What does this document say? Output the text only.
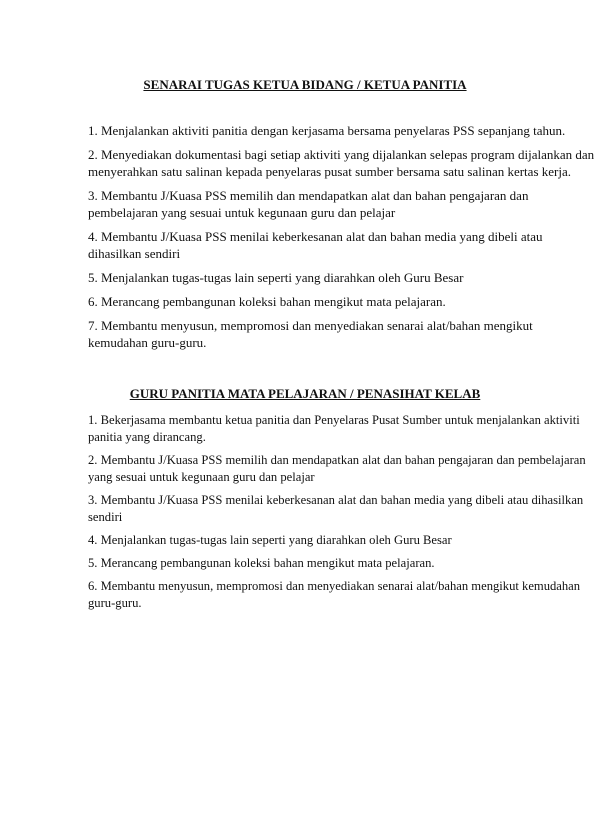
SENARAI TUGAS KETUA BIDANG / KETUA PANITIA
1. Menjalankan aktiviti panitia dengan kerjasama bersama penyelaras PSS sepanjang tahun.
2. Menyediakan dokumentasi bagi setiap aktiviti yang dijalankan selepas program dijalankan dan
menyerahkan satu salinan kepada penyelaras pusat sumber bersama satu salinan kertas kerja.
3. Membantu J/Kuasa PSS memilih dan mendapatkan alat dan bahan pengajaran dan
pembelajaran yang sesuai untuk kegunaan guru dan pelajar
4. Membantu J/Kuasa PSS menilai keberkesanan alat dan bahan media yang dibeli atau
dihasilkan sendiri
5. Menjalankan tugas-tugas lain seperti yang diarahkan oleh Guru Besar
6. Merancang pembangunan koleksi bahan mengikut mata pelajaran.
7. Membantu menyusun, mempromosi dan menyediakan senarai alat/bahan mengikut
kemudahan guru-guru.
GURU PANITIA MATA PELAJARAN / PENASIHAT KELAB
1. Bekerjasama membantu ketua panitia dan Penyelaras Pusat Sumber untuk menjalankan aktiviti
panitia yang dirancang.
2. Membantu J/Kuasa PSS memilih dan mendapatkan alat dan bahan pengajaran dan pembelajaran
yang sesuai untuk kegunaan guru dan pelajar
3. Membantu J/Kuasa PSS menilai keberkesanan alat dan bahan media yang dibeli atau dihasilkan
sendiri
4. Menjalankan tugas-tugas lain seperti yang diarahkan oleh Guru Besar
5. Merancang pembangunan koleksi bahan mengikut mata pelajaran.
6. Membantu menyusun, mempromosi dan menyediakan senarai alat/bahan mengikut kemudahan
guru-guru.
